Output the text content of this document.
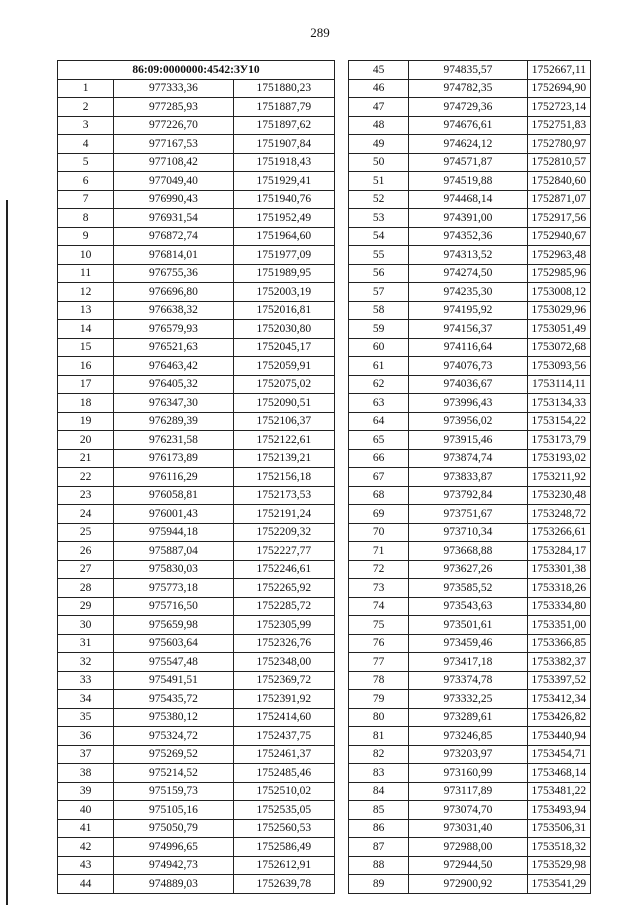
289
86:09:0000000:4542:ЗУ10		
1	977333,36	1751880,23
2	977285,93	1751887,79
3	977226,70	1751897,62
4	977167,53	1751907,84
5	977108,42	1751918,43
6	977049,40	1751929,41
7	976990,43	1751940,76
8	976931,54	1751952,49
9	976872,74	1751964,60
10	976814,01	1751977,09
11	976755,36	1751989,95
12	976696,80	1752003,19
13	976638,32	1752016,81
14	976579,93	1752030,80
15	976521,63	1752045,17
16	976463,42	1752059,91
17	976405,32	1752075,02
18	976347,30	1752090,51
19	976289,39	1752106,37
20	976231,58	1752122,61
21	976173,89	1752139,21
22	976116,29	1752156,18
23	976058,81	1752173,53
24	976001,43	1752191,24
25	975944,18	1752209,32
26	975887,04	1752227,77
27	975830,03	1752246,61
28	975773,18	1752265,92
29	975716,50	1752285,72
30	975659,98	1752305,99
31	975603,64	1752326,76
32	975547,48	1752348,00
33	975491,51	1752369,72
34	975435,72	1752391,92
35	975380,12	1752414,60
36	975324,72	1752437,75
37	975269,52	1752461,37
38	975214,52	1752485,46
39	975159,73	1752510,02
40	975105,16	1752535,05
41	975050,79	1752560,53
42	974996,65	1752586,49
43	974942,73	1752612,91
44	974889,03	1752639,78
45	974835,57	1752667,11
46	974782,35	1752694,90
47	974729,36	1752723,14
48	974676,61	1752751,83
49	974624,12	1752780,97
50	974571,87	1752810,57
51	974519,88	1752840,60
52	974468,14	1752871,07
53	974391,00	1752917,56
54	974352,36	1752940,67
55	974313,52	1752963,48
56	974274,50	1752985,96
57	974235,30	1753008,12
58	974195,92	1753029,96
59	974156,37	1753051,49
60	974116,64	1753072,68
61	974076,73	1753093,56
62	974036,67	1753114,11
63	973996,43	1753134,33
64	973956,02	1753154,22
65	973915,46	1753173,79
66	973874,74	1753193,02
67	973833,87	1753211,92
68	973792,84	1753230,48
69	973751,67	1753248,72
70	973710,34	1753266,61
71	973668,88	1753284,17
72	973627,26	1753301,38
73	973585,52	1753318,26
74	973543,63	1753334,80
75	973501,61	1753351,00
76	973459,46	1753366,85
77	973417,18	1753382,37
78	973374,78	1753397,52
79	973332,25	1753412,34
80	973289,61	1753426,82
81	973246,85	1753440,94
82	973203,97	1753454,71
83	973160,99	1753468,14
84	973117,89	1753481,22
85	973074,70	1753493,94
86	973031,40	1753506,31
87	972988,00	1753518,32
88	972944,50	1753529,98
89	972900,92	1753541,29
